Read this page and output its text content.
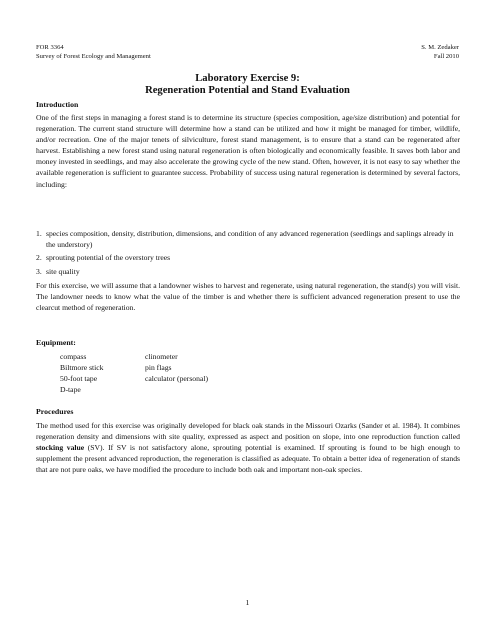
FOR 3364
Survey of Forest Ecology and Management
S. M. Zedaker
Fall 2010
Laboratory Exercise 9:
Regeneration Potential and Stand Evaluation
Introduction

One of the first steps in managing a forest stand is to determine its structure (species composition, age/size distribution) and potential for regeneration. The current stand structure will determine how a stand can be utilized and how it might be managed for timber, wildlife, and/or recreation. One of the major tenets of silviculture, forest stand management, is to ensure that a stand can be regenerated after harvest. Establishing a new forest stand using natural regeneration is often biologically and economically feasible. It saves both labor and money invested in seedlings, and may also accelerate the growing cycle of the new stand. Often, however, it is not easy to say whether the available regeneration is sufficient to guarantee success. Probability of success using natural regeneration is determined by several factors, including:

1. species composition, density, distribution, dimensions, and condition of any advanced regeneration (seedlings and saplings already in the understory)
2. sprouting potential of the overstory trees
3. site quality

For this exercise, we will assume that a landowner wishes to harvest and regenerate, using natural regeneration, the stand(s) you will visit. The landowner needs to know what the value of the timber is and whether there is sufficient advanced regeneration present to use the clearcut method of regeneration.

Equipment:
compass
Biltmore stick
50-foot tape
D-tape
clinometer
pin flags
calculator (personal)
Procedures

The method used for this exercise was originally developed for black oak stands in the Missouri Ozarks (Sander et al. 1984). It combines regeneration density and dimensions with site quality, expressed as aspect and position on slope, into one reproduction function called stocking value (SV). If SV is not satisfactory alone, sprouting potential is examined. If sprouting is found to be high enough to supplement the present advanced reproduction, the regeneration is classified as adequate. To obtain a better idea of regeneration of stands that are not pure oaks, we have modified the procedure to include both oak and important non-oak species.

1
